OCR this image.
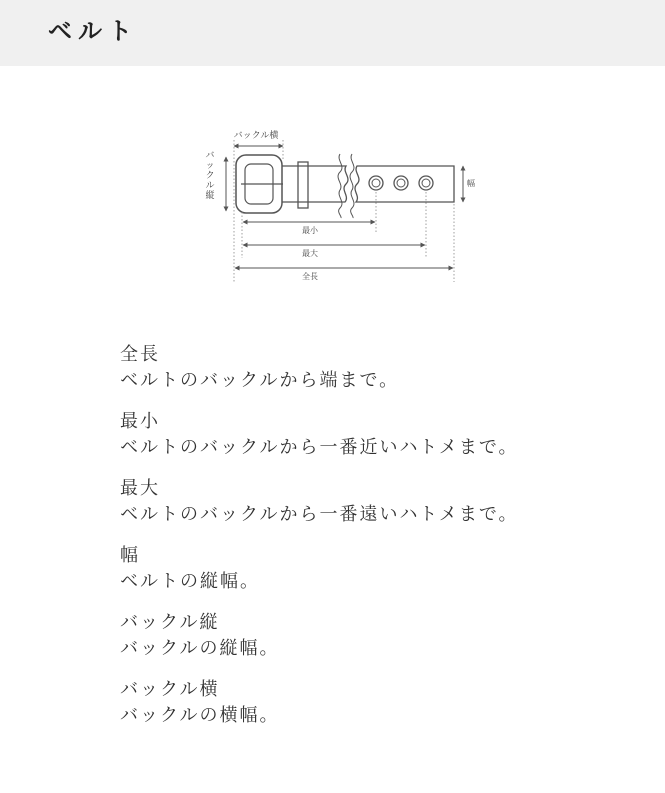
ベルト
バックル横
バックル縦
幅
最小
最大
全長
全長
ベルトのバックルから端まで。
最小
ベルトのバックルから一番近いハトメまで。
最大
ベルトのバックルから一番遠いハトメまで。
幅
ベルトの縦幅。
バックル縦
バックルの縦幅。
バックル横
バックルの横幅。
